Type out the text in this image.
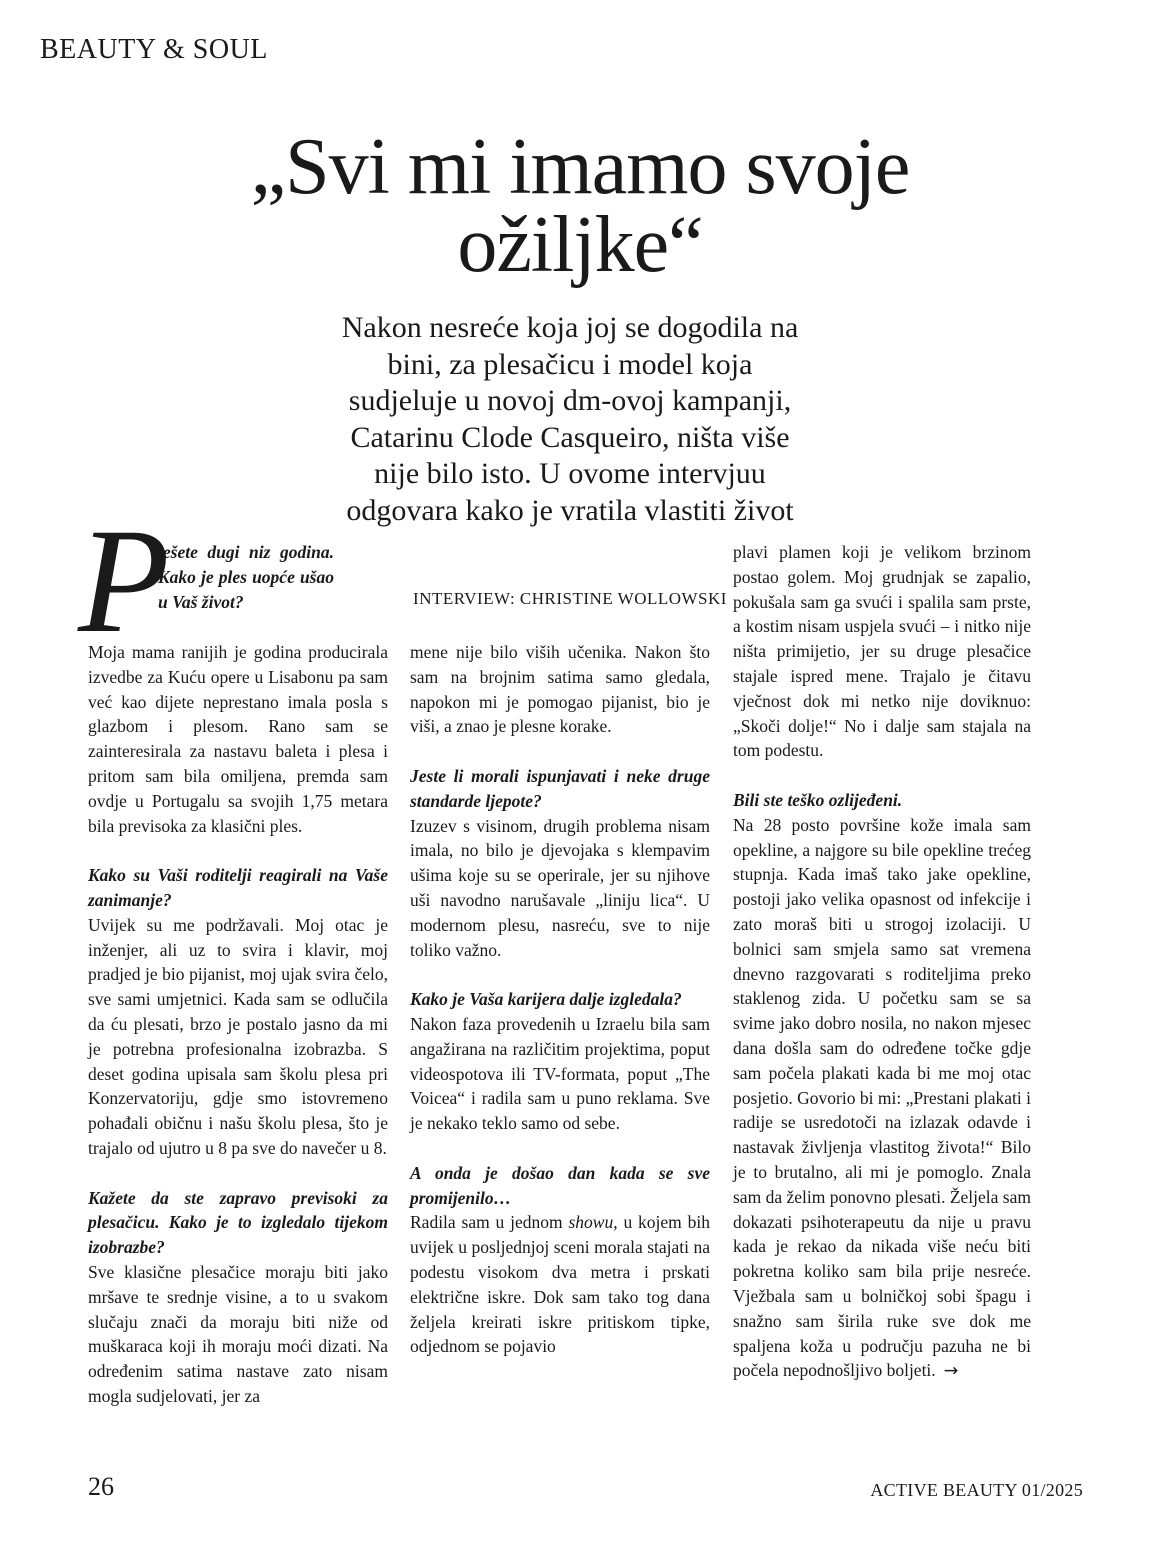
BEAUTY & SOUL
„Svi mi imamo svoje ožiljke“

Nakon nesreće koja joj se dogodila na bini, za plesačicu i model koja sudjeluje u novoj dm-ovoj kampanji, Catarinu Clode Casqueiro, ništa više nije bilo isto. U ovome intervjuu odgovara kako je vratila vlastiti život

INTERVIEW: CHRISTINE WOLLOWSKI
P
lešete dugi niz godina. Kako je ples uopće ušao u Vaš život?

Moja mama ranijih je godina producirala izvedbe za Kuću opere u Lisabonu pa sam već kao dijete neprestano imala posla s glazbom i plesom. Rano sam se zainteresirala za nastavu baleta i plesa i pritom sam bila omiljena, premda sam ovdje u Portugalu sa svojih 1,75 metara bila previsoka za klasični ples.

Kako su Vaši roditelji reagirali na Vaše zanimanje?

Uvijek su me podržavali. Moj otac je inženjer, ali uz to svira i klavir, moj pradjed je bio pijanist, moj ujak svira čelo, sve sami umjetnici. Kada sam se odlučila da ću plesati, brzo je postalo jasno da mi je potrebna profesionalna izobrazba. S deset godina upisala sam školu plesa pri Konzervatoriju, gdje smo istovremeno pohađali običnu i našu školu plesa, što je trajalo od ujutro u 8 pa sve do navečer u 8.

Kažete da ste zapravo previsoki za plesačicu. Kako je to izgledalo tijekom izobrazbe?

Sve klasične plesačice moraju biti jako mršave te srednje visine, a to u svakom slučaju znači da moraju biti niže od muškaraca koji ih moraju moći dizati. Na određenim satima nastave zato nisam mogla sudjelovati, jer za

mene nije bilo viših učenika. Nakon što sam na brojnim satima samo gledala, napokon mi je pomogao pijanist, bio je viši, a znao je plesne korake.

Jeste li morali ispunjavati i neke druge standarde ljepote?

Izuzev s visinom, drugih problema nisam imala, no bilo je djevojaka s klempavim ušima koje su se operirale, jer su njihove uši navodno narušavale „liniju lica“. U modernom plesu, nasreću, sve to nije toliko važno.

Kako je Vaša karijera dalje izgledala?

Nakon faza provedenih u Izraelu bila sam angažirana na različitim projektima, poput videospotova ili TV-formata, poput „The Voicea“ i radila sam u puno reklama. Sve je nekako teklo samo od sebe.

A onda je došao dan kada se sve promijenilo…

Radila sam u jednom showu, u kojem bih uvijek u posljednjoj sceni morala stajati na podestu visokom dva metra i prskati električne iskre. Dok sam tako tog dana željela kreirati iskre pritiskom tipke, odjednom se pojavio

plavi plamen koji je velikom brzinom postao golem. Moj grudnjak se zapalio, pokušala sam ga svući i spalila sam prste, a kostim nisam uspjela svući – i nitko nije ništa primijetio, jer su druge plesačice stajale ispred mene. Trajalo je čitavu vječnost dok mi netko nije doviknuo: „Skoči dolje!“ No i dalje sam stajala na tom podestu.

Bili ste teško ozlijeđeni.

Na 28 posto površine kože imala sam opekline, a najgore su bile opekline trećeg stupnja. Kada imaš tako jake opekline, postoji jako velika opasnost od infekcije i zato moraš biti u strogoj izolaciji. U bolnici sam smjela samo sat vremena dnevno razgovarati s roditeljima preko staklenog zida. U početku sam se sa svime jako dobro nosila, no nakon mjesec dana došla sam do određene točke gdje sam počela plakati kada bi me moj otac posjetio. Govorio bi mi: „Prestani plakati i radije se usredotoči na izlazak odavde i nastavak življenja vlastitog života!“ Bilo je to brutalno, ali mi je pomoglo. Znala sam da želim ponovno plesati. Željela sam dokazati psihoterapeutu da nije u pravu kada je rekao da nikada više neću biti pokretna koliko sam bila prije nesreće. Vježbala sam u bolničkoj sobi špagu i snažno sam širila ruke sve dok me spaljena koža u području pazuha ne bi počela nepodnošljivo boljeti. →

26	ACTIVE BEAUTY 01/2025
